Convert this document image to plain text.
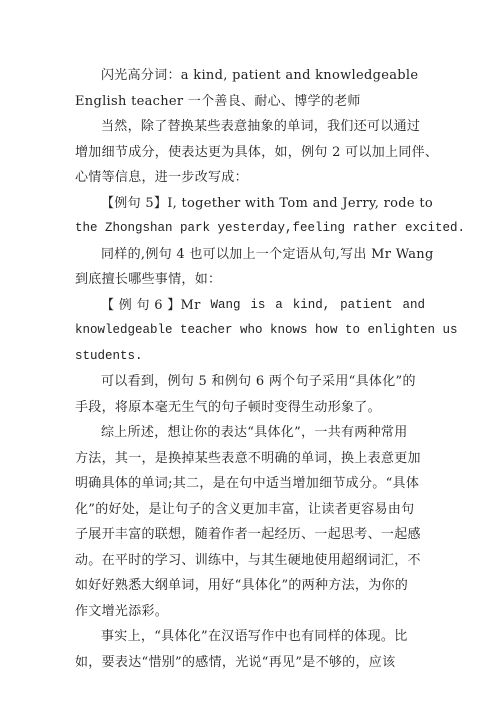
闪光高分词：a kind, patient and knowledgeable
English teacher 一个善良、耐心、博学的老师

当然，除了替换某些表意抽象的单词，我们还可以通过
增加细节成分，使表达更为具体，如，例句 2 可以加上同伴、
心情等信息，进一步改写成：

【例句 5】I, together with Tom and Jerry, rode to
the Zhongshan park yesterday,feeling rather excited.

同样的,例句 4 也可以加上一个定语从句,写出 Mr Wang
到底擅长哪些事情，如：

【 例 句 6 】Mr Wang is a kind, patient and
knowledgeable teacher who knows how to enlighten us
students.

可以看到，例句 5 和例句 6 两个句子采用“具体化”的
手段，将原本毫无生气的句子顿时变得生动形象了。

综上所述，想让你的表达“具体化”，一共有两种常用
方法，其一，是换掉某些表意不明确的单词，换上表意更加
明确具体的单词;其二，是在句中适当增加细节成分。“具体
化”的好处，是让句子的含义更加丰富，让读者更容易由句
子展开丰富的联想，随着作者一起经历、一起思考、一起感
动。在平时的学习、训练中，与其生硬地使用超纲词汇，不
如好好熟悉大纲单词，用好“具体化”的两种方法，为你的
作文增光添彩。

事实上，“具体化”在汉语写作中也有同样的体现。比
如，要表达“惜别”的感情，光说“再见”是不够的，应该
